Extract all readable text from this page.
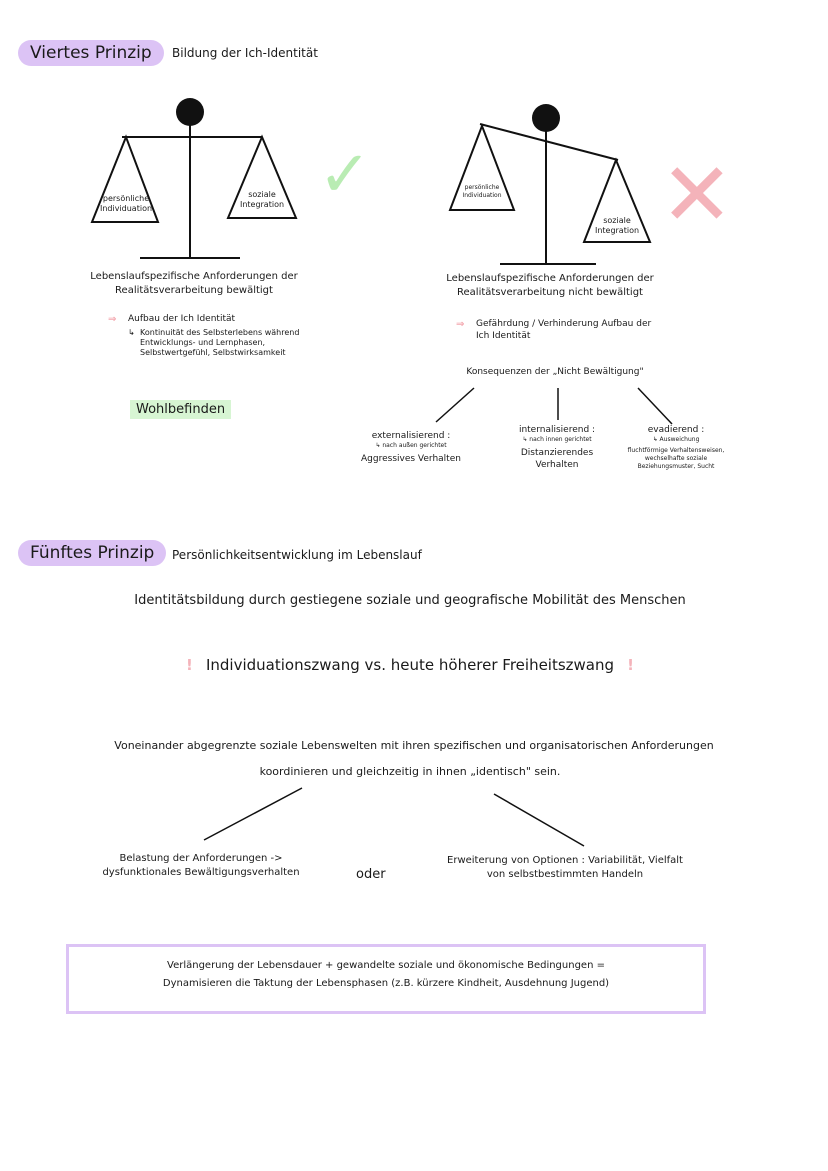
Viertes Prinzip	Bildung der Ich-Identität
persönliche Individuation
soziale Integration ✓	persönliche Individuation
soziale Integration ✕
Lebenslaufspezifische Anforderungen der Realitätsverarbeitung bewältigt
⇒ Aufbau der Ich Identität
↳ Kontinuität des Selbsterlebens während Entwicklungs- und Lernphasen, Selbstwertgefühl, Selbstwirksamkeit
Wohlbefinden
Lebenslaufspezifische Anforderungen der Realitätsverarbeitung nicht bewältigt
⇒ Gefährdung / Verhinderung Aufbau der Ich Identität
Konsequenzen der „Nicht Bewältigung"
externalisierend :
↳ nach außen gerichtet
Aggressives Verhalten
internalisierend :
↳ nach innen gerichtet
Distanzierendes Verhalten
evadierend :
↳ Ausweichung
fluchtförmige Verhaltensweisen, wechselhafte soziale Beziehungsmuster, Sucht
Fünftes Prinzip	Persönlichkeitsentwicklung im Lebenslauf
Identitätsbildung durch gestiegene soziale und geografische Mobilität des Menschen
! Individuationszwang vs. heute höherer Freiheitszwang !
Voneinander abgegrenzte soziale Lebenswelten mit ihren spezifischen und organisatorischen Anforderungen
koordinieren und gleichzeitig in ihnen „identisch" sein.
Belastung der Anforderungen -> dysfunktionales Bewältigungsverhalten	oder
Erweiterung von Optionen : Variabilität, Vielfalt von selbstbestimmten Handeln
Verlängerung der Lebensdauer + gewandelte soziale und ökonomische Bedingungen =
Dynamisieren die Taktung der Lebensphasen (z.B. kürzere Kindheit, Ausdehnung Jugend)
